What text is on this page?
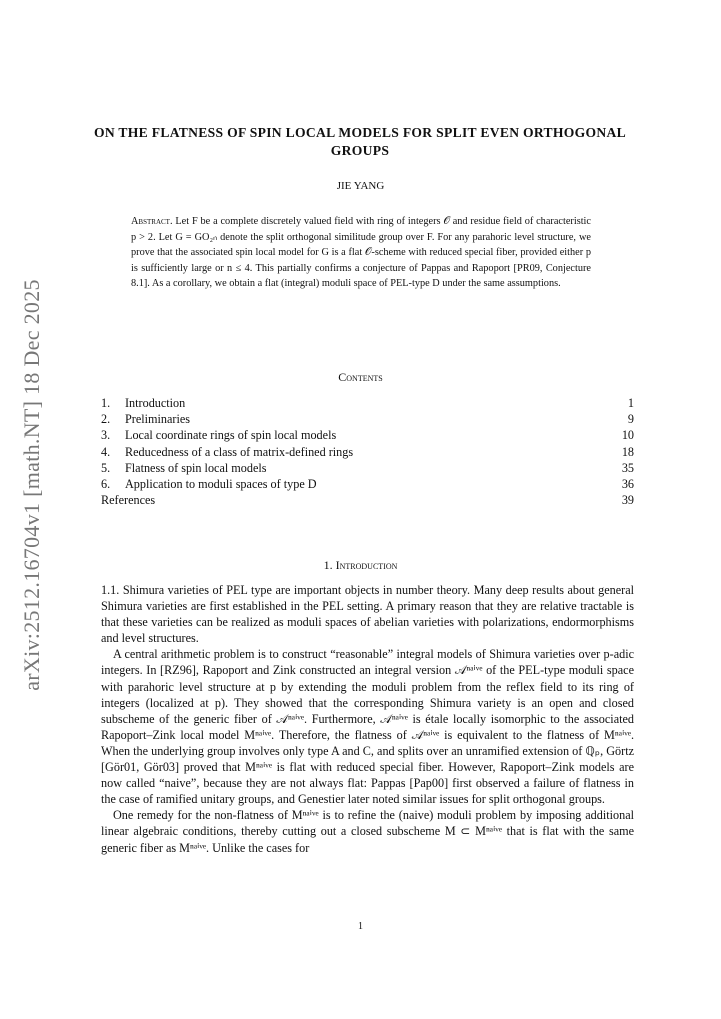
arXiv:2512.16704v1 [math.NT] 18 Dec 2025
ON THE FLATNESS OF SPIN LOCAL MODELS FOR SPLIT EVEN ORTHOGONAL GROUPS
JIE YANG
Abstract. Let F be a complete discretely valued field with ring of integers 𝒪 and residue field of characteristic p > 2. Let G = GO₂ₙ denote the split orthogonal similitude group over F. For any parahoric level structure, we prove that the associated spin local model for G is a flat 𝒪-scheme with reduced special fiber, provided either p is sufficiently large or n ≤ 4. This partially confirms a conjecture of Pappas and Rapoport [PR09, Conjecture 8.1]. As a corollary, we obtain a flat (integral) moduli space of PEL-type D under the same assumptions.
Contents
1. Introduction	1
2. Preliminaries	9
3. Local coordinate rings of spin local models	10
4. Reducedness of a class of matrix-defined rings	18
5. Flatness of spin local models	35
6. Application to moduli spaces of type D	36
References	39
1. Introduction

1.1. Shimura varieties of PEL type are important objects in number theory. Many deep results about general Shimura varieties are first established in the PEL setting. A primary reason that they are relative tractable is that these varieties can be realized as moduli spaces of abelian varieties with polarizations, endormorphisms and level structures.

A central arithmetic problem is to construct “reasonable” integral models of Shimura varieties over p-adic integers. In [RZ96], Rapoport and Zink constructed an integral version 𝒜ⁿᵃⁱᵛᵉ of the PEL-type moduli space with parahoric level structure at p by extending the moduli problem from the reflex field to its ring of integers (localized at p). They showed that the corresponding Shimura variety is an open and closed subscheme of the generic fiber of 𝒜ⁿᵃⁱᵛᵉ. Furthermore, 𝒜ⁿᵃⁱᵛᵉ is étale locally isomorphic to the associated Rapoport–Zink local model Mⁿᵃⁱᵛᵉ. Therefore, the flatness of 𝒜ⁿᵃⁱᵛᵉ is equivalent to the flatness of Mⁿᵃⁱᵛᵉ. When the underlying group involves only type A and C, and splits over an unramified extension of ℚₚ, Görtz [Gör01, Gör03] proved that Mⁿᵃⁱᵛᵉ is flat with reduced special fiber. However, Rapoport–Zink models are now called “naive”, because they are not always flat: Pappas [Pap00] first observed a failure of flatness in the case of ramified unitary groups, and Genestier later noted similar issues for split orthogonal groups.

One remedy for the non-flatness of Mⁿᵃⁱᵛᵉ is to refine the (naive) moduli problem by imposing additional linear algebraic conditions, thereby cutting out a closed subscheme M ⊂ Mⁿᵃⁱᵛᵉ that is flat with the same generic fiber as Mⁿᵃⁱᵛᵉ. Unlike the cases for

1
